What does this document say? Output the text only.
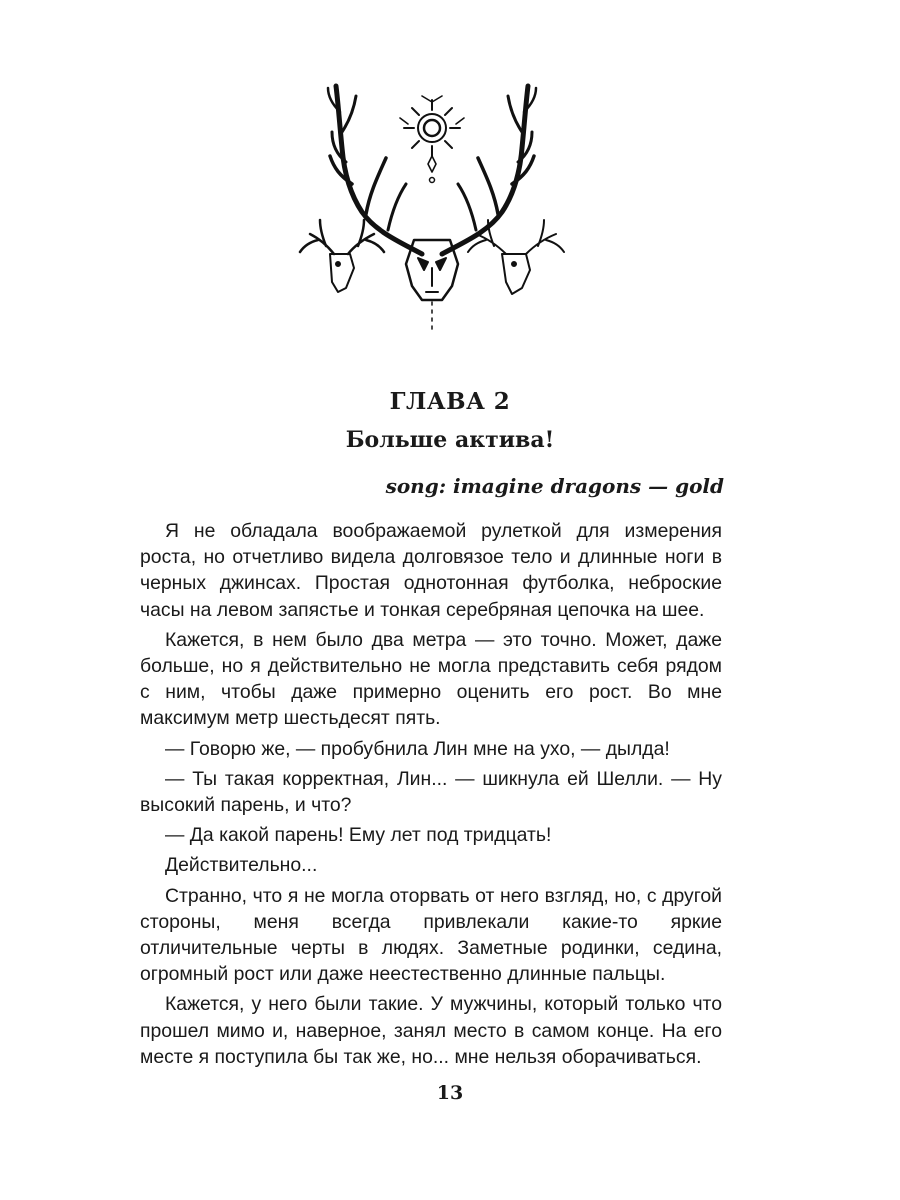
ГЛАВА 2
Больше актива!
song: imagine dragons — gold

Я не обладала воображаемой рулеткой для измерения роста, но отчетливо видела долговязое тело и длинные ноги в черных джинсах. Простая однотонная футболка, неброские часы на левом запястье и тонкая серебряная цепочка на шее.

Кажется, в нем было два метра — это точно. Может, даже больше, но я действительно не могла представить себя рядом с ним, чтобы даже примерно оценить его рост. Во мне максимум метр шестьдесят пять.

— Говорю же, — пробубнила Лин мне на ухо, — дылда!

— Ты такая корректная, Лин... — шикнула ей Шелли. — Ну высокий парень, и что?

— Да какой парень! Ему лет под тридцать!

Действительно...

Странно, что я не могла оторвать от него взгляд, но, с другой стороны, меня всегда привлекали какие-то яркие отличительные черты в людях. Заметные родинки, седина, огромный рост или даже неестественно длинные пальцы.

Кажется, у него были такие. У мужчины, который только что прошел мимо и, наверное, занял место в самом конце. На его месте я поступила бы так же, но... мне нельзя оборачиваться.

13
